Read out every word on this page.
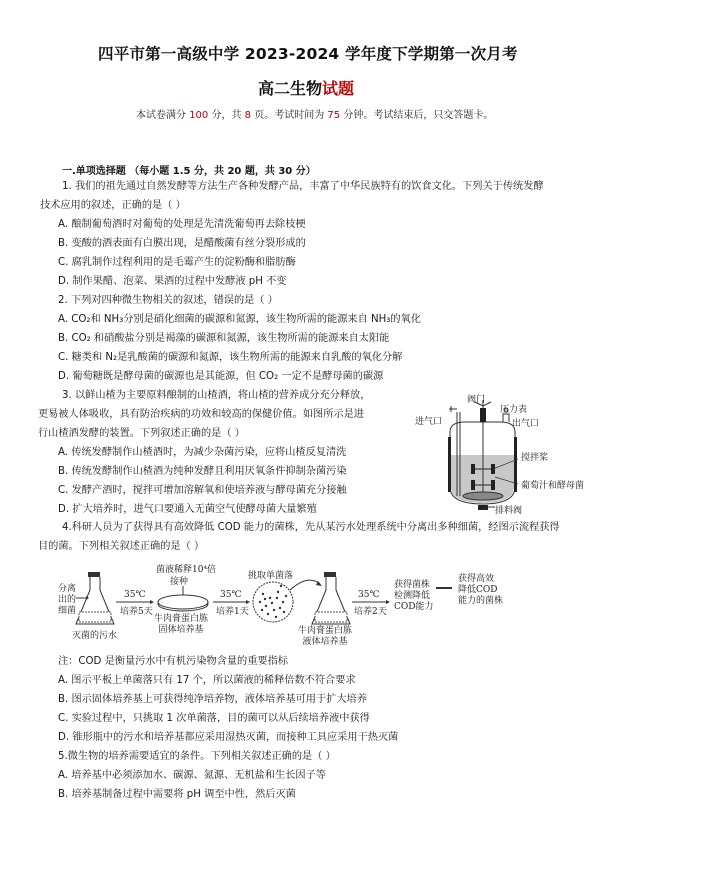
四平市第一高级中学 2023-2024 学年度下学期第一次月考
高二生物试题
本试卷满分 100 分，共 8 页。考试时间为 75 分钟。考试结束后，只交答题卡。
一.单项选择题 （每小题 1.5 分，共 20 题，共 30 分）
1. 我们的祖先通过自然发酵等方法生产各种发酵产品，丰富了中华民族特有的饮食文化。下列关于传统发酵
技术应用的叙述，正确的是（ ）
A. 酿制葡萄酒时对葡萄的处理是先清洗葡萄再去除枝梗
B. 变酸的酒表面有白膜出现，是醋酸菌有丝分裂形成的
C. 腐乳制作过程利用的是毛霉产生的淀粉酶和脂肪酶
D. 制作果醋、泡菜、果酒的过程中发酵液 pH 不变
2. 下列对四种微生物相关的叙述，错误的是（ ）
A. CO₂和 NH₃分别是硝化细菌的碳源和氮源，该生物所需的能源来自 NH₃的氧化
B. CO₂ 和硝酸盐分别是褐藻的碳源和氮源，该生物所需的能源来自太阳能
C. 糖类和 N₂是乳酸菌的碳源和氮源，该生物所需的能源来自乳酸的氧化分解
D. 葡萄糖既是酵母菌的碳源也是其能源，但 CO₂ 一定不是酵母菌的碳源
3. 以鲜山楂为主要原料酿制的山楂酒，将山楂的营养成分充分释放，
更易被人体吸收，具有防治疾病的功效和较高的保健价值。如图所示是进
行山楂酒发酵的装置。下列叙述正确的是（ ）
A. 传统发酵制作山楂酒时，为减少杂菌污染，应将山楂反复清洗
B. 传统发酵制作山楂酒为纯种发酵且利用厌氧条件抑制杂菌污染
C. 发酵产酒时，搅拌可增加溶解氧和使培养液与酵母菌充分接触
D. 扩大培养时，进气口要通入无菌空气使酵母菌大量繁殖
阀门
压力表
进气口	出气口
搅拌桨
葡萄汁和酵母菌
排料阀
4.科研人员为了获得具有高效降低 COD 能力的菌株，先从某污水处理系统中分离出多种细菌，经图示流程获得
目的菌。下列相关叙述正确的是（ ）
分离
出的
细菌
灭菌的污水
35℃
培养5天
菌液稀释10⁴倍
接种
牛肉膏蛋白胨
固体培养基
35℃
培养1天
挑取单菌落
牛肉膏蛋白胨
液体培养基
35℃
培养2天
获得菌株
检测降低
COD能力
获得高效
降低COD
能力的菌株
注：COD 是衡量污水中有机污染物含量的重要指标
A. 图示平板上单菌落只有 17 个，所以菌液的稀释倍数不符合要求
B. 图示固体培养基上可获得纯净培养物，液体培养基可用于扩大培养
C. 实验过程中，只挑取 1 次单菌落，目的菌可以从后续培养液中获得
D. 锥形瓶中的污水和培养基都应采用湿热灭菌，而接种工具应采用干热灭菌
5.微生物的培养需要适宜的条件。下列相关叙述正确的是（ ）
A. 培养基中必须添加水、碳源、氮源、无机盐和生长因子等
B. 培养基制备过程中需要将 pH 调至中性，然后灭菌
